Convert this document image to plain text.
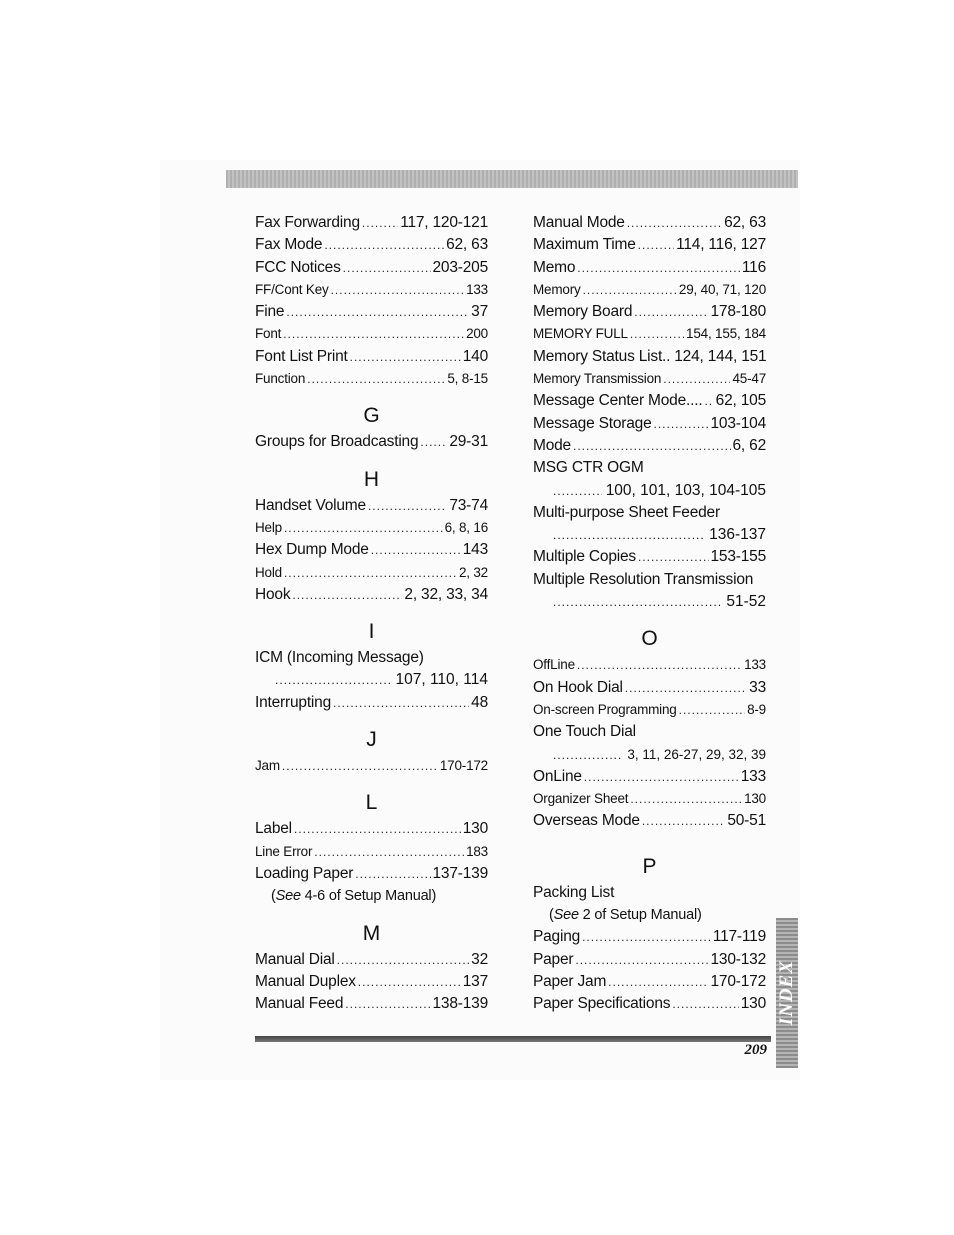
Fax Forwarding .....	117, 120-121
Fax Mode .....	62, 63
FCC Notices .....	203-205
FF/Cont Key .....	133
Fine .....	37
Font .....	200
Font List Print .....	140
Function .....	5, 8-15
G
Groups for Broadcasting ..... 29-31
H
Handset Volume .....	73-74
Help .....	6, 8, 16
Hex Dump Mode .....	143
Hold .....	2, 32
Hook .....	2, 32, 33, 34
I
ICM (Incoming Message)
.....
107, 110, 114
Interrupting .....	48
J
Jam .....	170-172
L
Label .....	130
Line Error .....	183
Loading Paper .....	137-139
(See 4-6 of Setup Manual)
M
Manual Dial .....	32
Manual Duplex .....	137
Manual Feed .....	138-139
Manual Mode .....	62, 63
Maximum Time .....	114, 116, 127
Memo .....	116
Memory .....	29, 40, 71, 120
Memory Board .....	178-180
MEMORY FULL .....	154, 155, 184
Memory Status List.. 124, 144, 151
Memory Transmission .....	45-47
Message Center Mode.... ..... 62, 105
Message Storage .....	103-104
Mode .....	6, 62
MSG CTR OGM
.....
100, 101, 103, 104-105
Multi-purpose Sheet Feeder
.....
136-137
Multiple Copies .....	153-155
Multiple Resolution Transmission
.....
51-52
O
OffLine .....	133
On Hook Dial .....	33
On-screen Programming .....	8-9
One Touch Dial
.....
3, 11, 26-27, 29, 32, 39
OnLine .....	133
Organizer Sheet .....	130
Overseas Mode .....	50-51
P
Packing List
(See 2 of Setup Manual)
Paging .....	117-119
Paper .....	130-132
Paper Jam .....	170-172
Paper Specifications .....	130
209
INDEX
